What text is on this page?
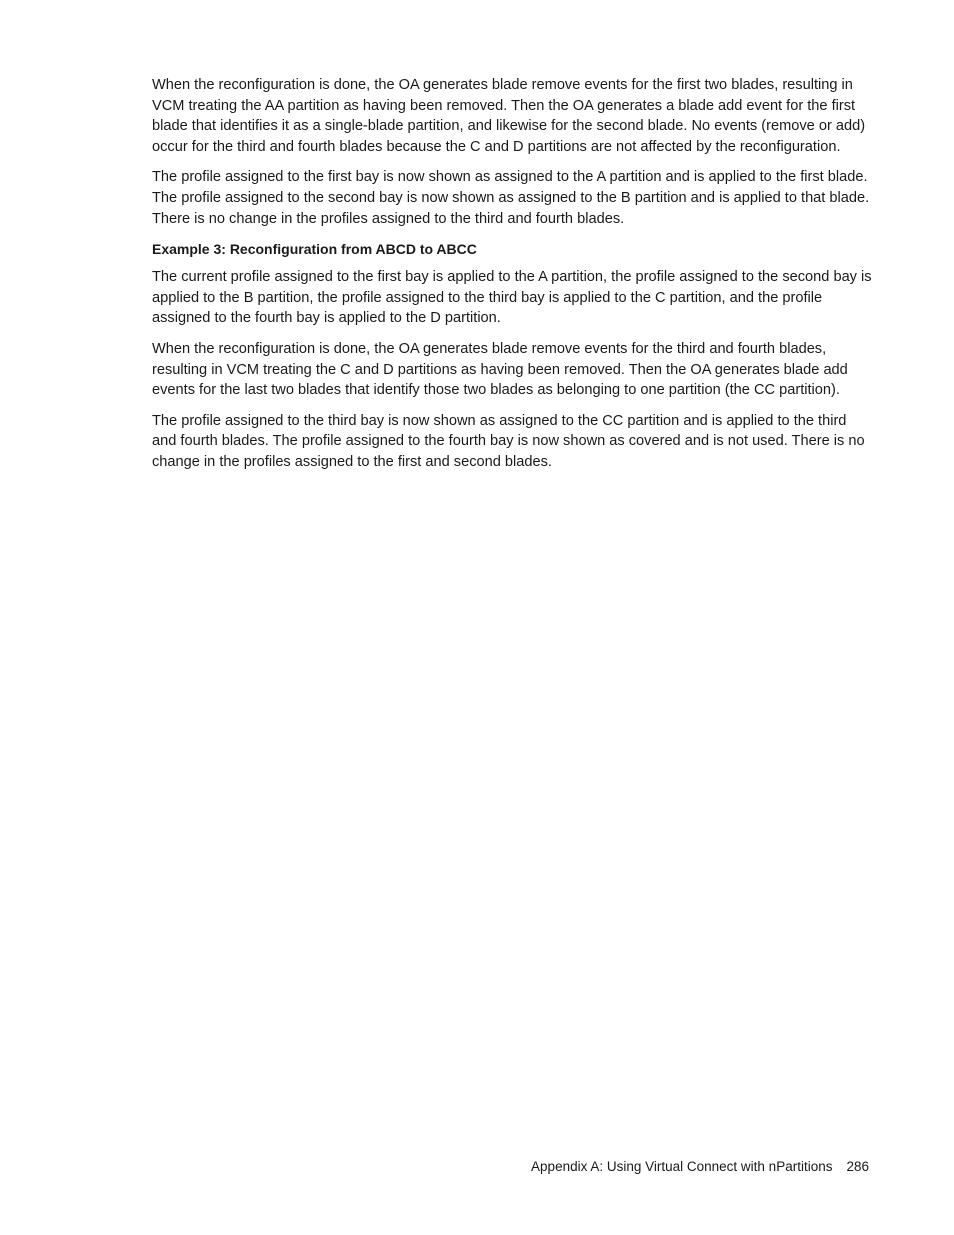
When the reconfiguration is done, the OA generates blade remove events for the first two blades, resulting in VCM treating the AA partition as having been removed. Then the OA generates a blade add event for the first blade that identifies it as a single-blade partition, and likewise for the second blade. No events (remove or add) occur for the third and fourth blades because the C and D partitions are not affected by the reconfiguration.

The profile assigned to the first bay is now shown as assigned to the A partition and is applied to the first blade. The profile assigned to the second bay is now shown as assigned to the B partition and is applied to that blade. There is no change in the profiles assigned to the third and fourth blades.

Example 3: Reconfiguration from ABCD to ABCC

The current profile assigned to the first bay is applied to the A partition, the profile assigned to the second bay is applied to the B partition, the profile assigned to the third bay is applied to the C partition, and the profile assigned to the fourth bay is applied to the D partition.

When the reconfiguration is done, the OA generates blade remove events for the third and fourth blades, resulting in VCM treating the C and D partitions as having been removed. Then the OA generates blade add events for the last two blades that identify those two blades as belonging to one partition (the CC partition).

The profile assigned to the third bay is now shown as assigned to the CC partition and is applied to the third and fourth blades. The profile assigned to the fourth bay is now shown as covered and is not used. There is no change in the profiles assigned to the first and second blades.

Appendix A: Using Virtual Connect with nPartitions 286
